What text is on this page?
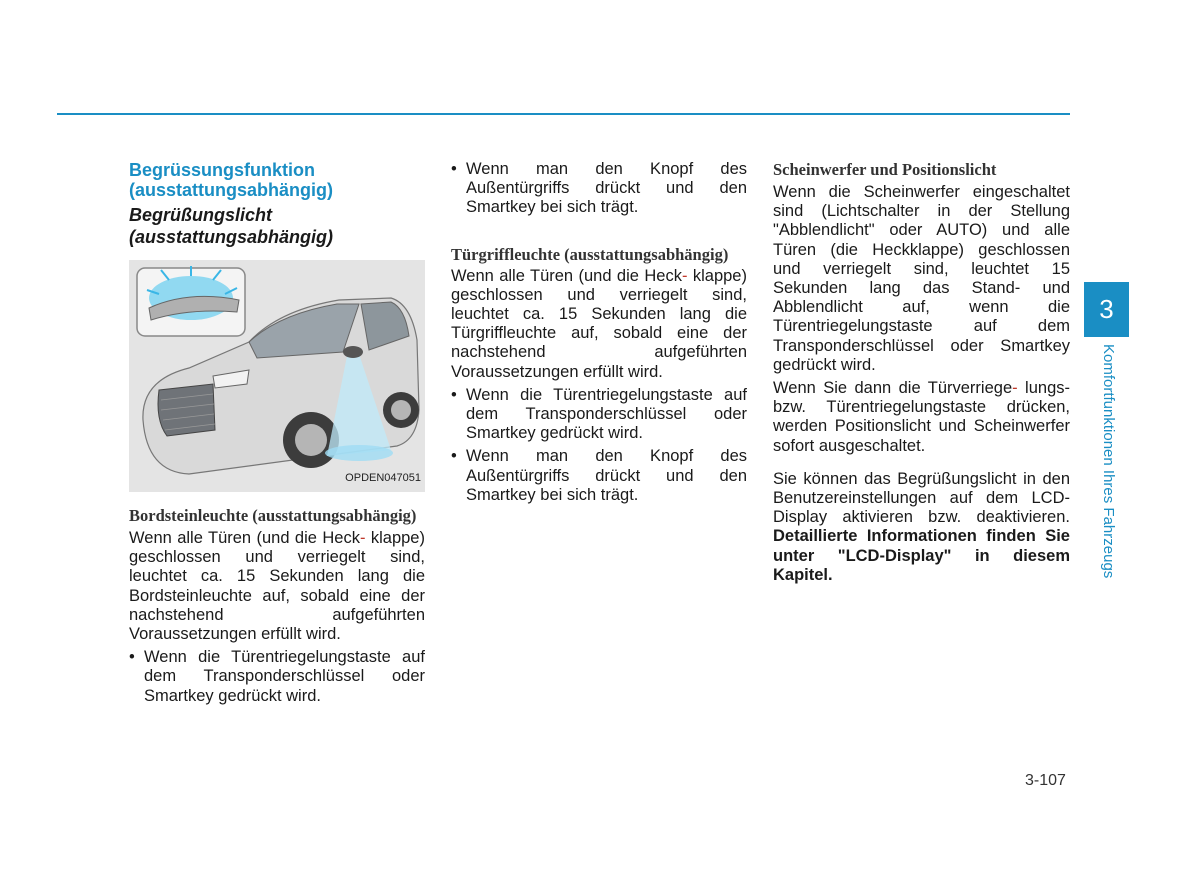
Begrüssungsfunktion (ausstattungsabhängig)
Begrüßungslicht (ausstattungsabhängig)
OPDEN047051
Bordsteinleuchte (ausstattungsabhängig)

Wenn alle Türen (und die Heck- klappe) geschlossen und verriegelt sind, leuchtet ca. 15 Sekunden lang die Bordsteinleuchte auf, sobald eine der nachstehend aufgeführten Voraussetzungen erfüllt wird.

• Wenn die Türentriegelungstaste auf dem Transponderschlüssel oder Smartkey gedrückt wird.

• Wenn man den Knopf des Außentürgriffs drückt und den Smartkey bei sich trägt.

Türgriffleuchte (ausstattungsabhängig)

Wenn alle Türen (und die Heck- klappe) geschlossen und verriegelt sind, leuchtet ca. 15 Sekunden lang die Türgriffleuchte auf, sobald eine der nachstehend aufgeführten Voraussetzungen erfüllt wird.

• Wenn die Türentriegelungstaste auf dem Transponderschlüssel oder Smartkey gedrückt wird.

• Wenn man den Knopf des Außentürgriffs drückt und den Smartkey bei sich trägt.

Scheinwerfer und Positionslicht

Wenn die Scheinwerfer eingeschaltet sind (Lichtschalter in der Stellung "Abblendlicht" oder AUTO) und alle Türen (die Heckklappe) geschlossen und verriegelt sind, leuchtet 15 Sekunden lang das Stand- und Abblendlicht auf, wenn die Türentriegelungstaste auf dem Transponderschlüssel oder Smartkey gedrückt wird.

Wenn Sie dann die Türverriege- lungs- bzw. Türentriegelungstaste drücken, werden Positionslicht und Scheinwerfer sofort ausgeschaltet.

Sie können das Begrüßungslicht in den Benutzereinstellungen auf dem LCD-Display aktivieren bzw. deaktivieren. Detaillierte Informationen finden Sie unter "LCD-Display" in diesem Kapitel.

3
Komfortfunktionen Ihres Fahrzeugs
3-107
